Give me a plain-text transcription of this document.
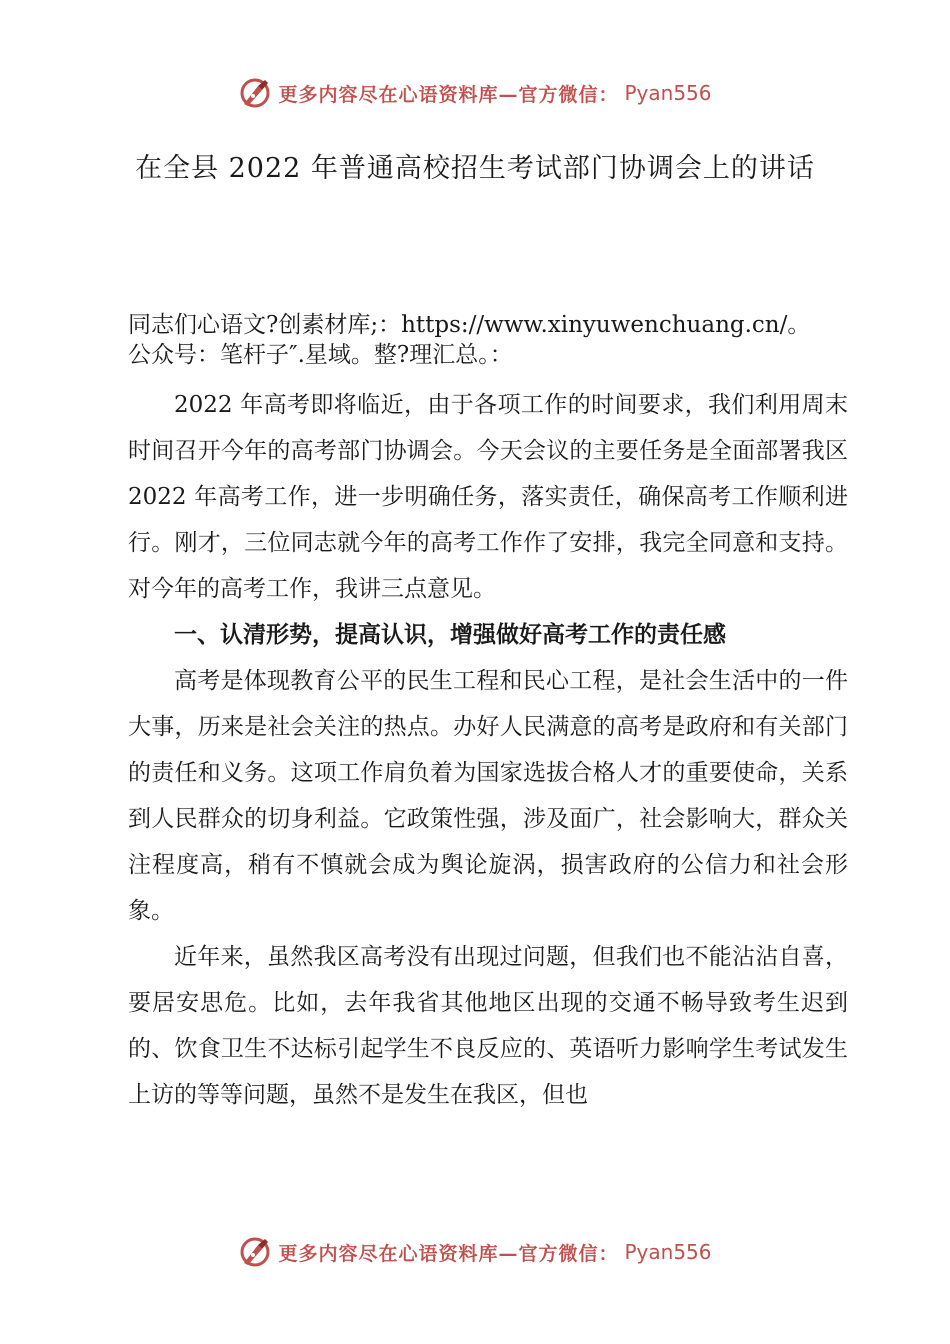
更多内容尽在心语资料库—官方微信： Pyan556
在全县 2022 年普通高校招生考试部门协调会上的讲话
同志们心语文?创素材库;：https://www.xinyuwenchuang.cn/。
公众号：笔杆子″.星域。整?理汇总。：

2022 年高考即将临近，由于各项工作的时间要求，我们利用周末时间召开今年的高考部门协调会。今天会议的主要任务是全面部署我区 2022 年高考工作，进一步明确任务，落实责任，确保高考工作顺利进行。刚才，三位同志就今年的高考工作作了安排，我完全同意和支持。对今年的高考工作，我讲三点意见。

一、认清形势，提高认识，增强做好高考工作的责任感

高考是体现教育公平的民生工程和民心工程，是社会生活中的一件大事，历来是社会关注的热点。办好人民满意的高考是政府和有关部门的责任和义务。这项工作肩负着为国家选拔合格人才的重要使命，关系到人民群众的切身利益。它政策性强，涉及面广，社会影响大，群众关注程度高，稍有不慎就会成为舆论旋涡，损害政府的公信力和社会形象。

近年来，虽然我区高考没有出现过问题，但我们也不能沾沾自喜，要居安思危。比如，去年我省其他地区出现的交通不畅导致考生迟到的、饮食卫生不达标引起学生不良反应的、英语听力影响学生考试发生上访的等等问题，虽然不是发生在我区，但也

更多内容尽在心语资料库—官方微信： Pyan556
